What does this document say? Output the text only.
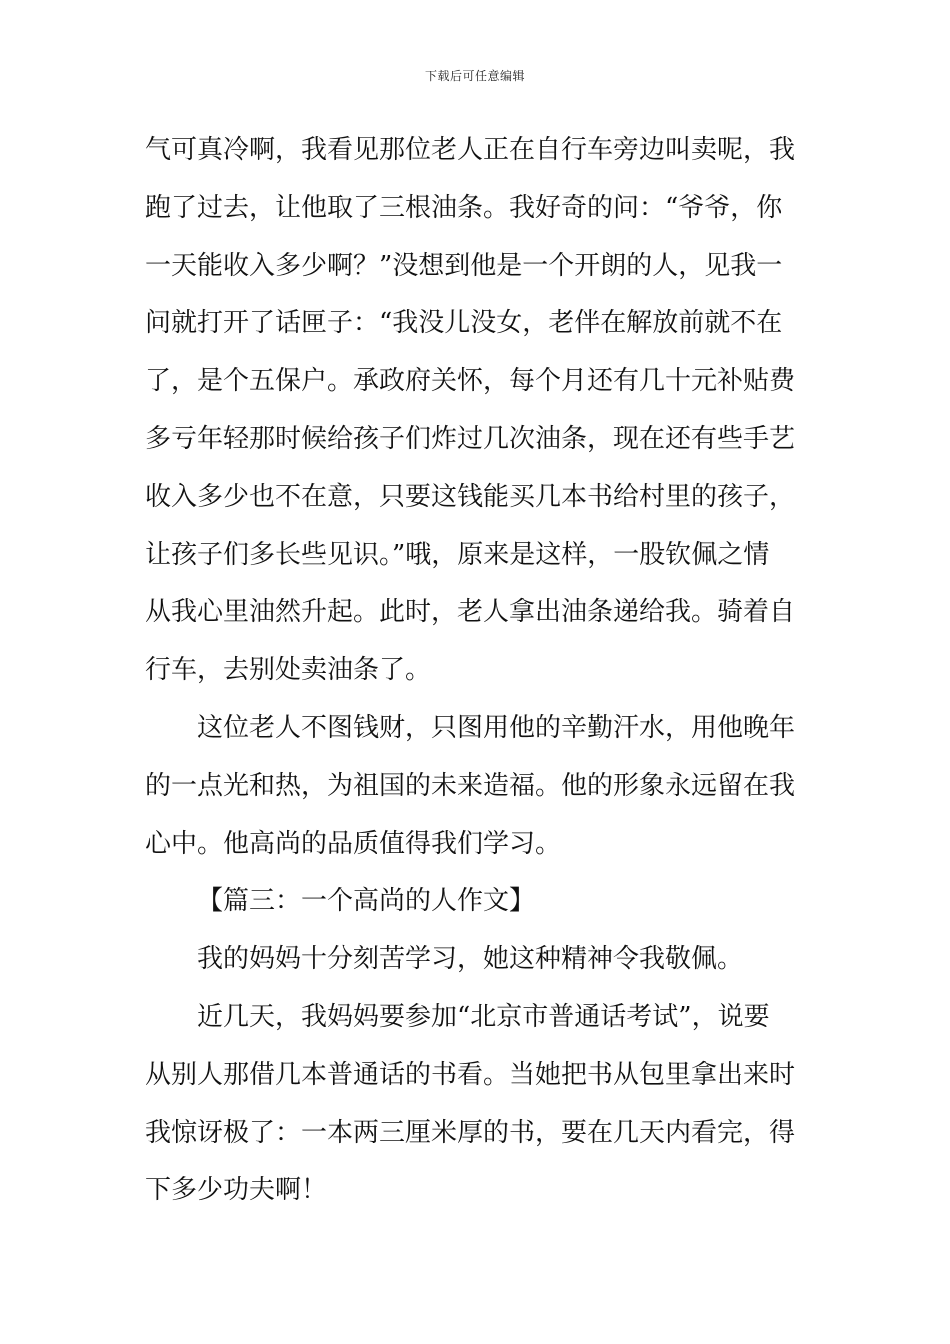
下载后可任意编辑
气可真冷啊，我看见那位老人正在自行车旁边叫卖呢，我
跑了过去，让他取了三根油条。我好奇的问：“爷爷，你
一天能收入多少啊？”没想到他是一个开朗的人，见我一
问就打开了话匣子：“我没儿没女，老伴在解放前就不在
了，是个五保户。承政府关怀，每个月还有几十元补贴费
多亏年轻那时候给孩子们炸过几次油条，现在还有些手艺
收入多少也不在意，只要这钱能买几本书给村里的孩子，
让孩子们多长些见识。”哦，原来是这样，一股钦佩之情
从我心里油然升起。此时，老人拿出油条递给我。骑着自
行车，去别处卖油条了。
这位老人不图钱财，只图用他的辛勤汗水，用他晚年
的一点光和热，为祖国的未来造福。他的形象永远留在我
心中。他高尚的品质值得我们学习。
【篇三：一个高尚的人作文】
我的妈妈十分刻苦学习，她这种精神令我敬佩。
近几天，我妈妈要参加“北京市普通话考试”，说要
从别人那借几本普通话的书看。当她把书从包里拿出来时
我惊讶极了：一本两三厘米厚的书，要在几天内看完，得
下多少功夫啊！
